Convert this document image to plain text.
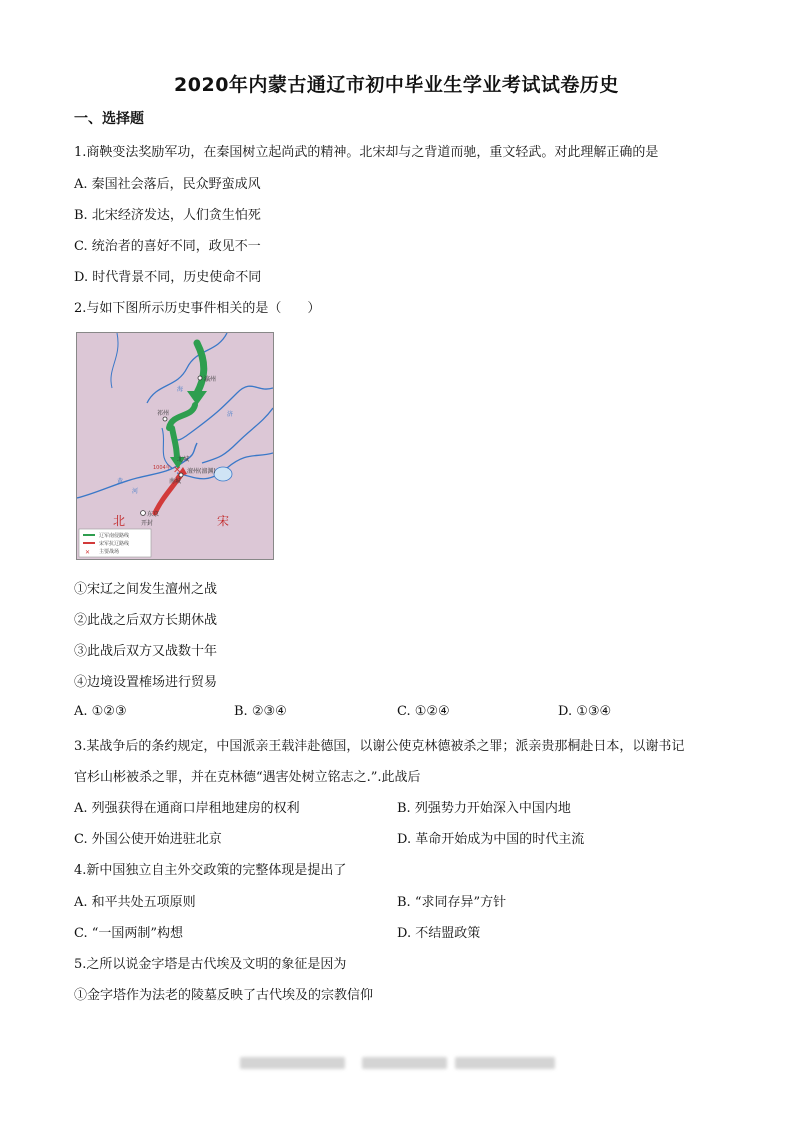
2020年内蒙古通辽市初中毕业生学业考试试卷历史
一、选择题
1.商鞅变法奖励军功，在秦国树立起尚武的精神。北宋却与之背道而驰，重文轻武。对此理解正确的是
A. 秦国社会落后，民众野蛮成风
B. 北宋经济发达，人们贪生怕死
C. 统治者的喜好不同，政见不一
D. 时代背景不同，历史使命不同
2.与如下图所示历史事件相关的是（　　）
✕
瀛州
祁州
北城
1004年
南城
澶州(澶渊)
东京
开封
海
河
黄
济
北	宋
✕
辽军南侵路线
宋军抗辽路线
主要战场
①宋辽之间发生澶州之战
②此战之后双方长期休战
③此战后双方又战数十年
④边境设置榷场进行贸易
A. ①②③	B. ②③④	C. ①②④	D. ①③④
3.某战争后的条约规定，中国派亲王载沣赴德国，以谢公使克林德被杀之罪；派亲贵那桐赴日本，以谢书记
官杉山彬被杀之罪，并在克林德“遇害处树立铭志之.”.此战后
A. 列强获得在通商口岸租地建房的权利	B. 列强势力开始深入中国内地
C. 外国公使开始进驻北京	D. 革命开始成为中国的时代主流
4.新中国独立自主外交政策的完整体现是提出了
A. 和平共处五项原则	B. “求同存异”方针
C. “一国两制”构想	D. 不结盟政策
5.之所以说金字塔是古代埃及文明的象征是因为
①金字塔作为法老的陵墓反映了古代埃及的宗教信仰
